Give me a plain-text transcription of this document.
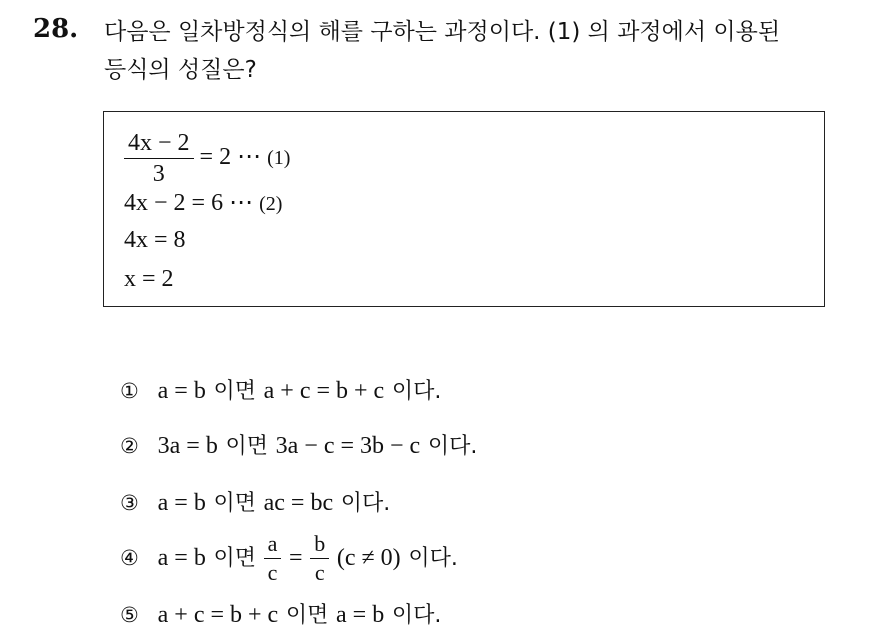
28. 다음은 일차방정식의 해를 구하는 과정이다. (1) 의 과정에서 이용된
등식의 성질은?
$\frac{4x - 2}{3} = 2$ ⋯ (1)
4x − 2 = 6 ⋯ (2)
4x = 8
x = 2
① a = b 이면 a + c = b + c 이다.
② 3a = b 이면 3a − c = 3b − c 이다.
③ a = b 이면 ac = bc 이다.
④ a = b 이면 $\frac{a}{c} = \frac{b}{c} (c \ne 0)$ 이다.
⑤ a + c = b + c 이면 a = b 이다.
